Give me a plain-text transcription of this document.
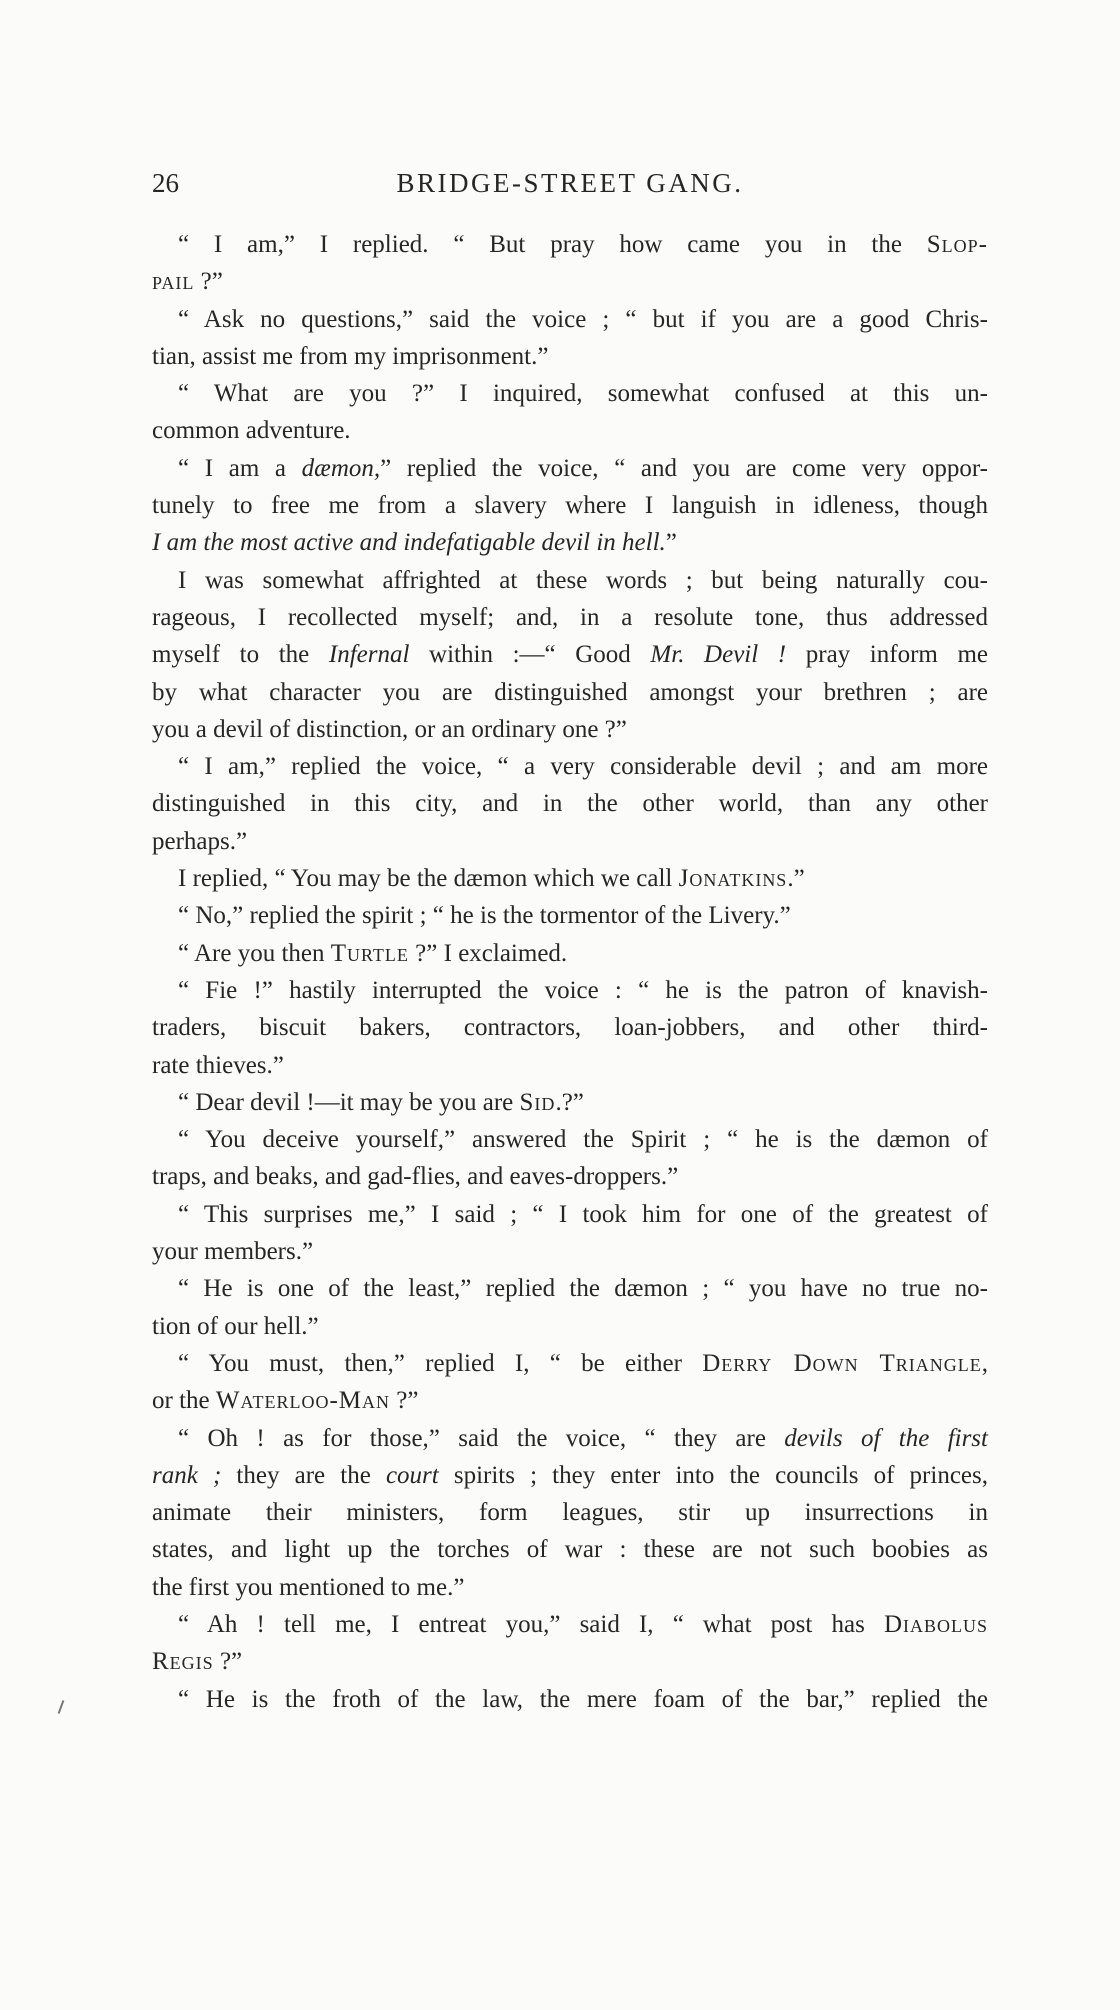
26	BRIDGE-STREET GANG.
“ I am,” I replied. “ But pray how came you in the Slop-
pail ?”
“ Ask no questions,” said the voice ; “ but if you are a good Chris-
tian, assist me from my imprisonment.”
“ What are you ?” I inquired, somewhat confused at this un-
common adventure.
“ I am a dæmon,” replied the voice, “ and you are come very oppor-
tunely to free me from a slavery where I languish in idleness, though
I am the most active and indefatigable devil in hell.”
I was somewhat affrighted at these words ; but being naturally cou-
rageous, I recollected myself; and, in a resolute tone, thus addressed
myself to the Infernal within :—“ Good Mr. Devil ! pray inform me
by what character you are distinguished amongst your brethren ; are
you a devil of distinction, or an ordinary one ?”
“ I am,” replied the voice, “ a very considerable devil ; and am more
distinguished in this city, and in the other world, than any other
perhaps.”
I replied, “ You may be the dæmon which we call Jonatkins.”
“ No,” replied the spirit ; “ he is the tormentor of the Livery.”
“ Are you then Turtle ?” I exclaimed.
“ Fie !” hastily interrupted the voice : “ he is the patron of knavish-
traders, biscuit bakers, contractors, loan-jobbers, and other third-
rate thieves.”
“ Dear devil !—it may be you are Sid.?”
“ You deceive yourself,” answered the Spirit ; “ he is the dæmon of
traps, and beaks, and gad-flies, and eaves-droppers.”
“ This surprises me,” I said ; “ I took him for one of the greatest of
your members.”
“ He is one of the least,” replied the dæmon ; “ you have no true no-
tion of our hell.”
“ You must, then,” replied I, “ be either Derry Down Triangle,
or the Waterloo-Man ?”
“ Oh ! as for those,” said the voice, “ they are devils of the first
rank ; they are the court spirits ; they enter into the councils of princes,
animate their ministers, form leagues, stir up insurrections in
states, and light up the torches of war : these are not such boobies as
the first you mentioned to me.”
“ Ah ! tell me, I entreat you,” said I, “ what post has Diabolus
Regis ?”
“ He is the froth of the law, the mere foam of the bar,” replied the
